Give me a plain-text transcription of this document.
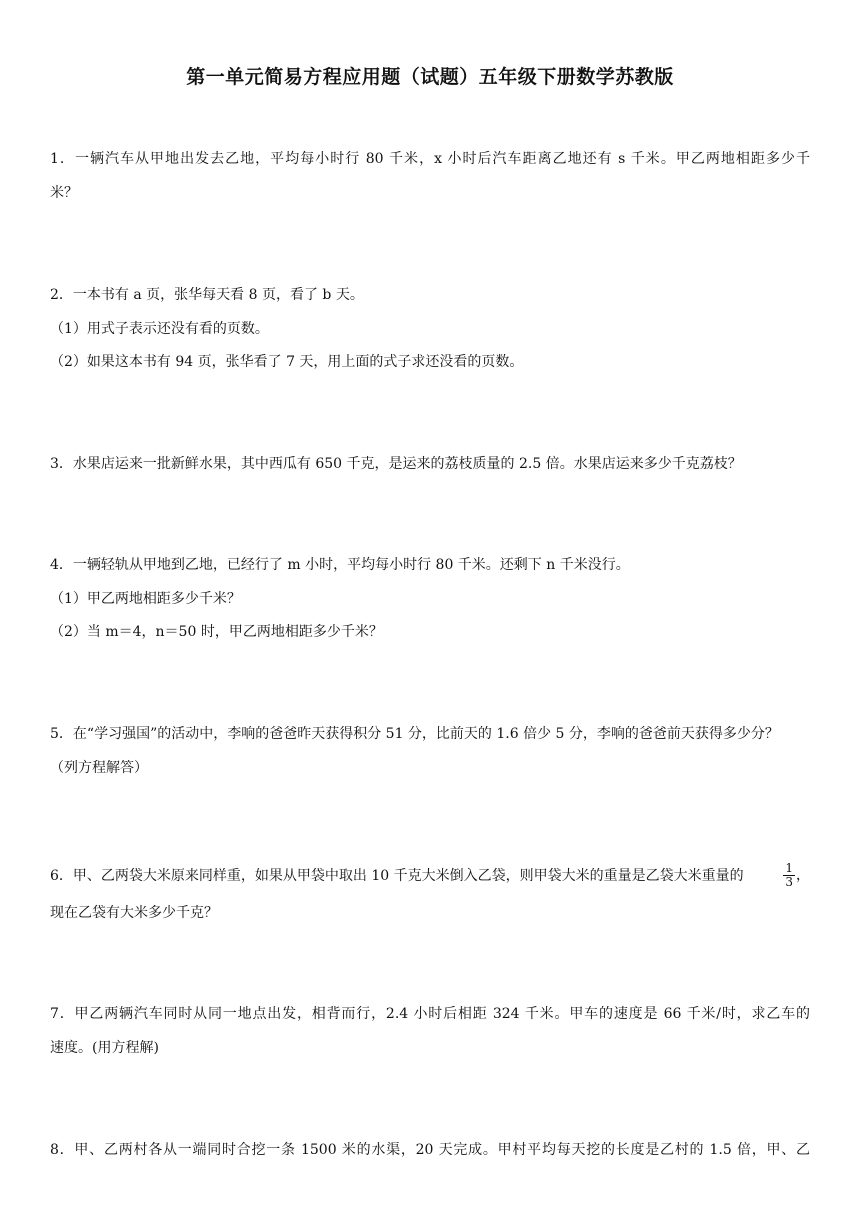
第一单元简易方程应用题（试题）五年级下册数学苏教版
1．一辆汽车从甲地出发去乙地，平均每小时行 80 千米，x 小时后汽车距离乙地还有 s 千米。甲乙两地相距多少千
米？
2．一本书有 a 页，张华每天看 8 页，看了 b 天。
（1）用式子表示还没有看的页数。
（2）如果这本书有 94 页，张华看了 7 天，用上面的式子求还没看的页数。
3．水果店运来一批新鲜水果，其中西瓜有 650 千克，是运来的荔枝质量的 2.5 倍。水果店运来多少千克荔枝？
4．一辆轻轨从甲地到乙地，已经行了 m 小时，平均每小时行 80 千米。还剩下 n 千米没行。
（1）甲乙两地相距多少千米？
（2）当 m＝4，n＝50 时，甲乙两地相距多少千米？
5．在“学习强国”的活动中，李响的爸爸昨天获得积分 51 分，比前天的 1.6 倍少 5 分，李响的爸爸前天获得多少分？
（列方程解答）
6．甲、乙两袋大米原来同样重，如果从甲袋中取出 10 千克大米倒入乙袋，则甲袋大米的重量是乙袋大米重量的	$\frac{1}{3}$ ，
现在乙袋有大米多少千克？
7．甲乙两辆汽车同时从同一地点出发，相背而行，2.4 小时后相距 324 千米。甲车的速度是 66 千米/时，求乙车的
速度。(用方程解)
8．甲、乙两村各从一端同时合挖一条 1500 米的水渠，20 天完成。甲村平均每天挖的长度是乙村的 1.5 倍，甲、乙
